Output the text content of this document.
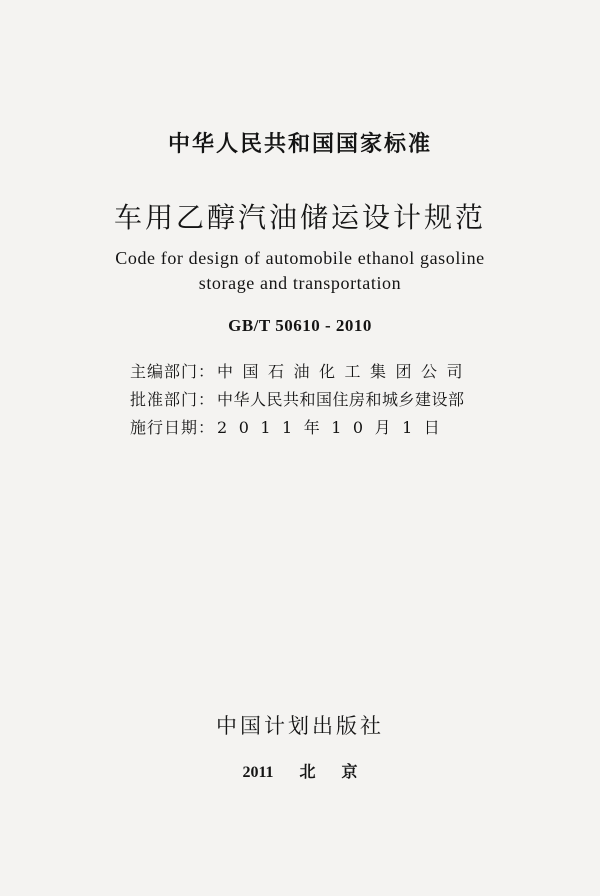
中华人民共和国国家标准
车用乙醇汽油储运设计规范
Code for design of automobile ethanol gasoline
storage and transportation
GB/T 50610 - 2010
主编部门： 中国石油化工集团公司
批准部门： 中华人民共和国住房和城乡建设部
施行日期： 2011年10月1日
中国计划出版社
2011 北 京
